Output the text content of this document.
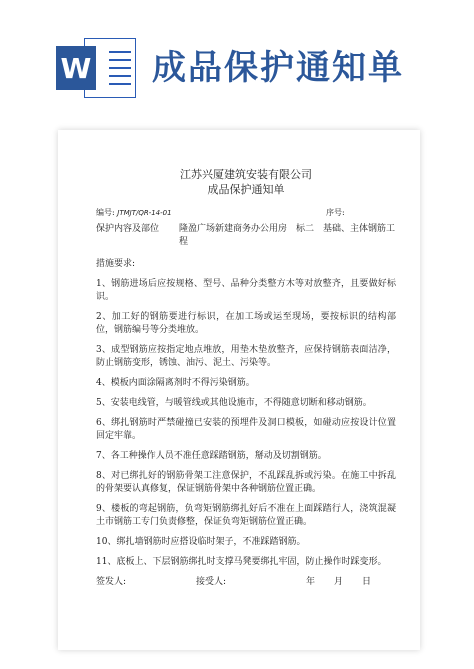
W 成品保护通知单
江苏兴厦建筑安装有限公司
成品保护通知单
编号: JTMJT/QR-14-01	序号:
保护内容及部位	隆盈广场新建商务办公用房　标二　基础、主体钢筋工程
措施要求:
1、钢筋进场后应按规格、型号、品种分类整方木等对放整齐，且要做好标识。
2、加工好的钢筋要进行标识，在加工场或运至现场，要按标识的结构部位，钢筋编号等分类堆放。
3、成型钢筋应按指定地点堆放，用垫木垫放整齐，应保持钢筋表面洁净，防止钢筋变形，锈蚀、油污、泥土、污染等。
4、模板内面涂隔离剂时不得污染钢筋。
5、安装电线管，与暖管线或其他设施市，不得随意切断和移动钢筋。
6、绑扎钢筋时严禁碰撞已安装的预埋件及洞口模板，如碰动应按设计位置回定牢靠。
7、各工种操作人员不准任意踩踏钢筋，掰动及切割钢筋。
8、对已绑扎好的钢筋骨架工注意保护，不乱踩乱拆或污染。在施工中拆乱的骨架要认真修复，保证钢筋骨架中各种钢筋位置正确。
9、楼板的弯起钢筋，负弯矩钢筋绑扎好后不准在上面踩踏行人，浇筑混凝土市钢筋工专门负责修整，保证负弯矩钢筋位置正确。
10、绑扎墙钢筋时应搭设临时架子，不准踩踏钢筋。
11、底板上、下层钢筋绑扎时支撑马凳要绑扎牢固，防止操作时踩变形。
签发人:	接受人:	年	月	日
